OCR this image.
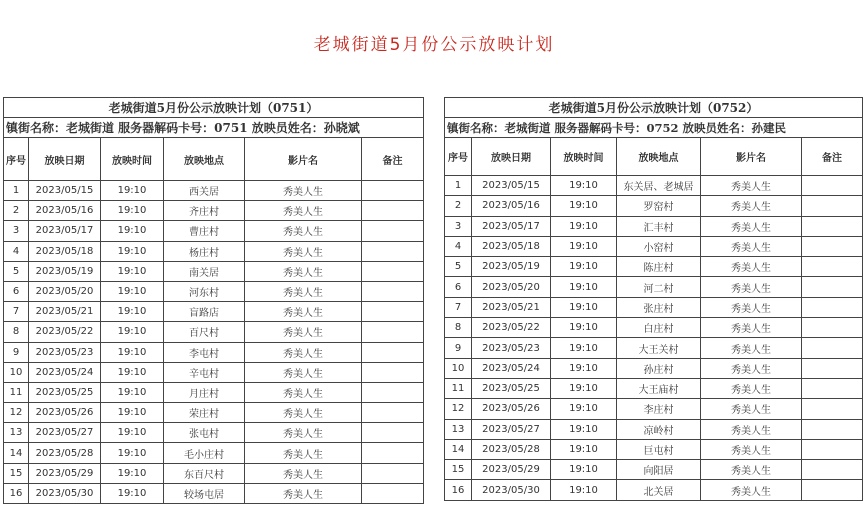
老城街道5月份公示放映计划
老城街道5月份公示放映计划（0751）					
镇街名称：老城街道 服务器解码卡号：0751 放映员姓名：孙晓斌					
序号	放映日期	放映时间	放映地点	影片名	备注
1	2023/05/15	19:10	西关居	秀美人生	
2	2023/05/16	19:10	齐庄村	秀美人生	
3	2023/05/17	19:10	曹庄村	秀美人生	
4	2023/05/18	19:10	杨庄村	秀美人生	
5	2023/05/19	19:10	南关居	秀美人生	
6	2023/05/20	19:10	河东村	秀美人生	
7	2023/05/21	19:10	盲路店	秀美人生	
8	2023/05/22	19:10	百尺村	秀美人生	
9	2023/05/23	19:10	李屯村	秀美人生	
10	2023/05/24	19:10	辛屯村	秀美人生	
11	2023/05/25	19:10	月庄村	秀美人生	
12	2023/05/26	19:10	荣庄村	秀美人生	
13	2023/05/27	19:10	张屯村	秀美人生	
14	2023/05/28	19:10	毛小庄村	秀美人生	
15	2023/05/29	19:10	东百尺村	秀美人生	
16	2023/05/30	19:10	较场屯居	秀美人生	
老城街道5月份公示放映计划（0752）					
镇街名称：老城街道 服务器解码卡号：0752 放映员姓名：孙建民					
序号	放映日期	放映时间	放映地点	影片名	备注
1	2023/05/15	19:10	东关居、老城居	秀美人生	
2	2023/05/16	19:10	罗窑村	秀美人生	
3	2023/05/17	19:10	汇丰村	秀美人生	
4	2023/05/18	19:10	小窑村	秀美人生	
5	2023/05/19	19:10	陈庄村	秀美人生	
6	2023/05/20	19:10	河二村	秀美人生	
7	2023/05/21	19:10	张庄村	秀美人生	
8	2023/05/22	19:10	白庄村	秀美人生	
9	2023/05/23	19:10	大王关村	秀美人生	
10	2023/05/24	19:10	孙庄村	秀美人生	
11	2023/05/25	19:10	大王庙村	秀美人生	
12	2023/05/26	19:10	李庄村	秀美人生	
13	2023/05/27	19:10	凉岭村	秀美人生	
14	2023/05/28	19:10	巨屯村	秀美人生	
15	2023/05/29	19:10	向阳居	秀美人生	
16	2023/05/30	19:10	北关居	秀美人生	
